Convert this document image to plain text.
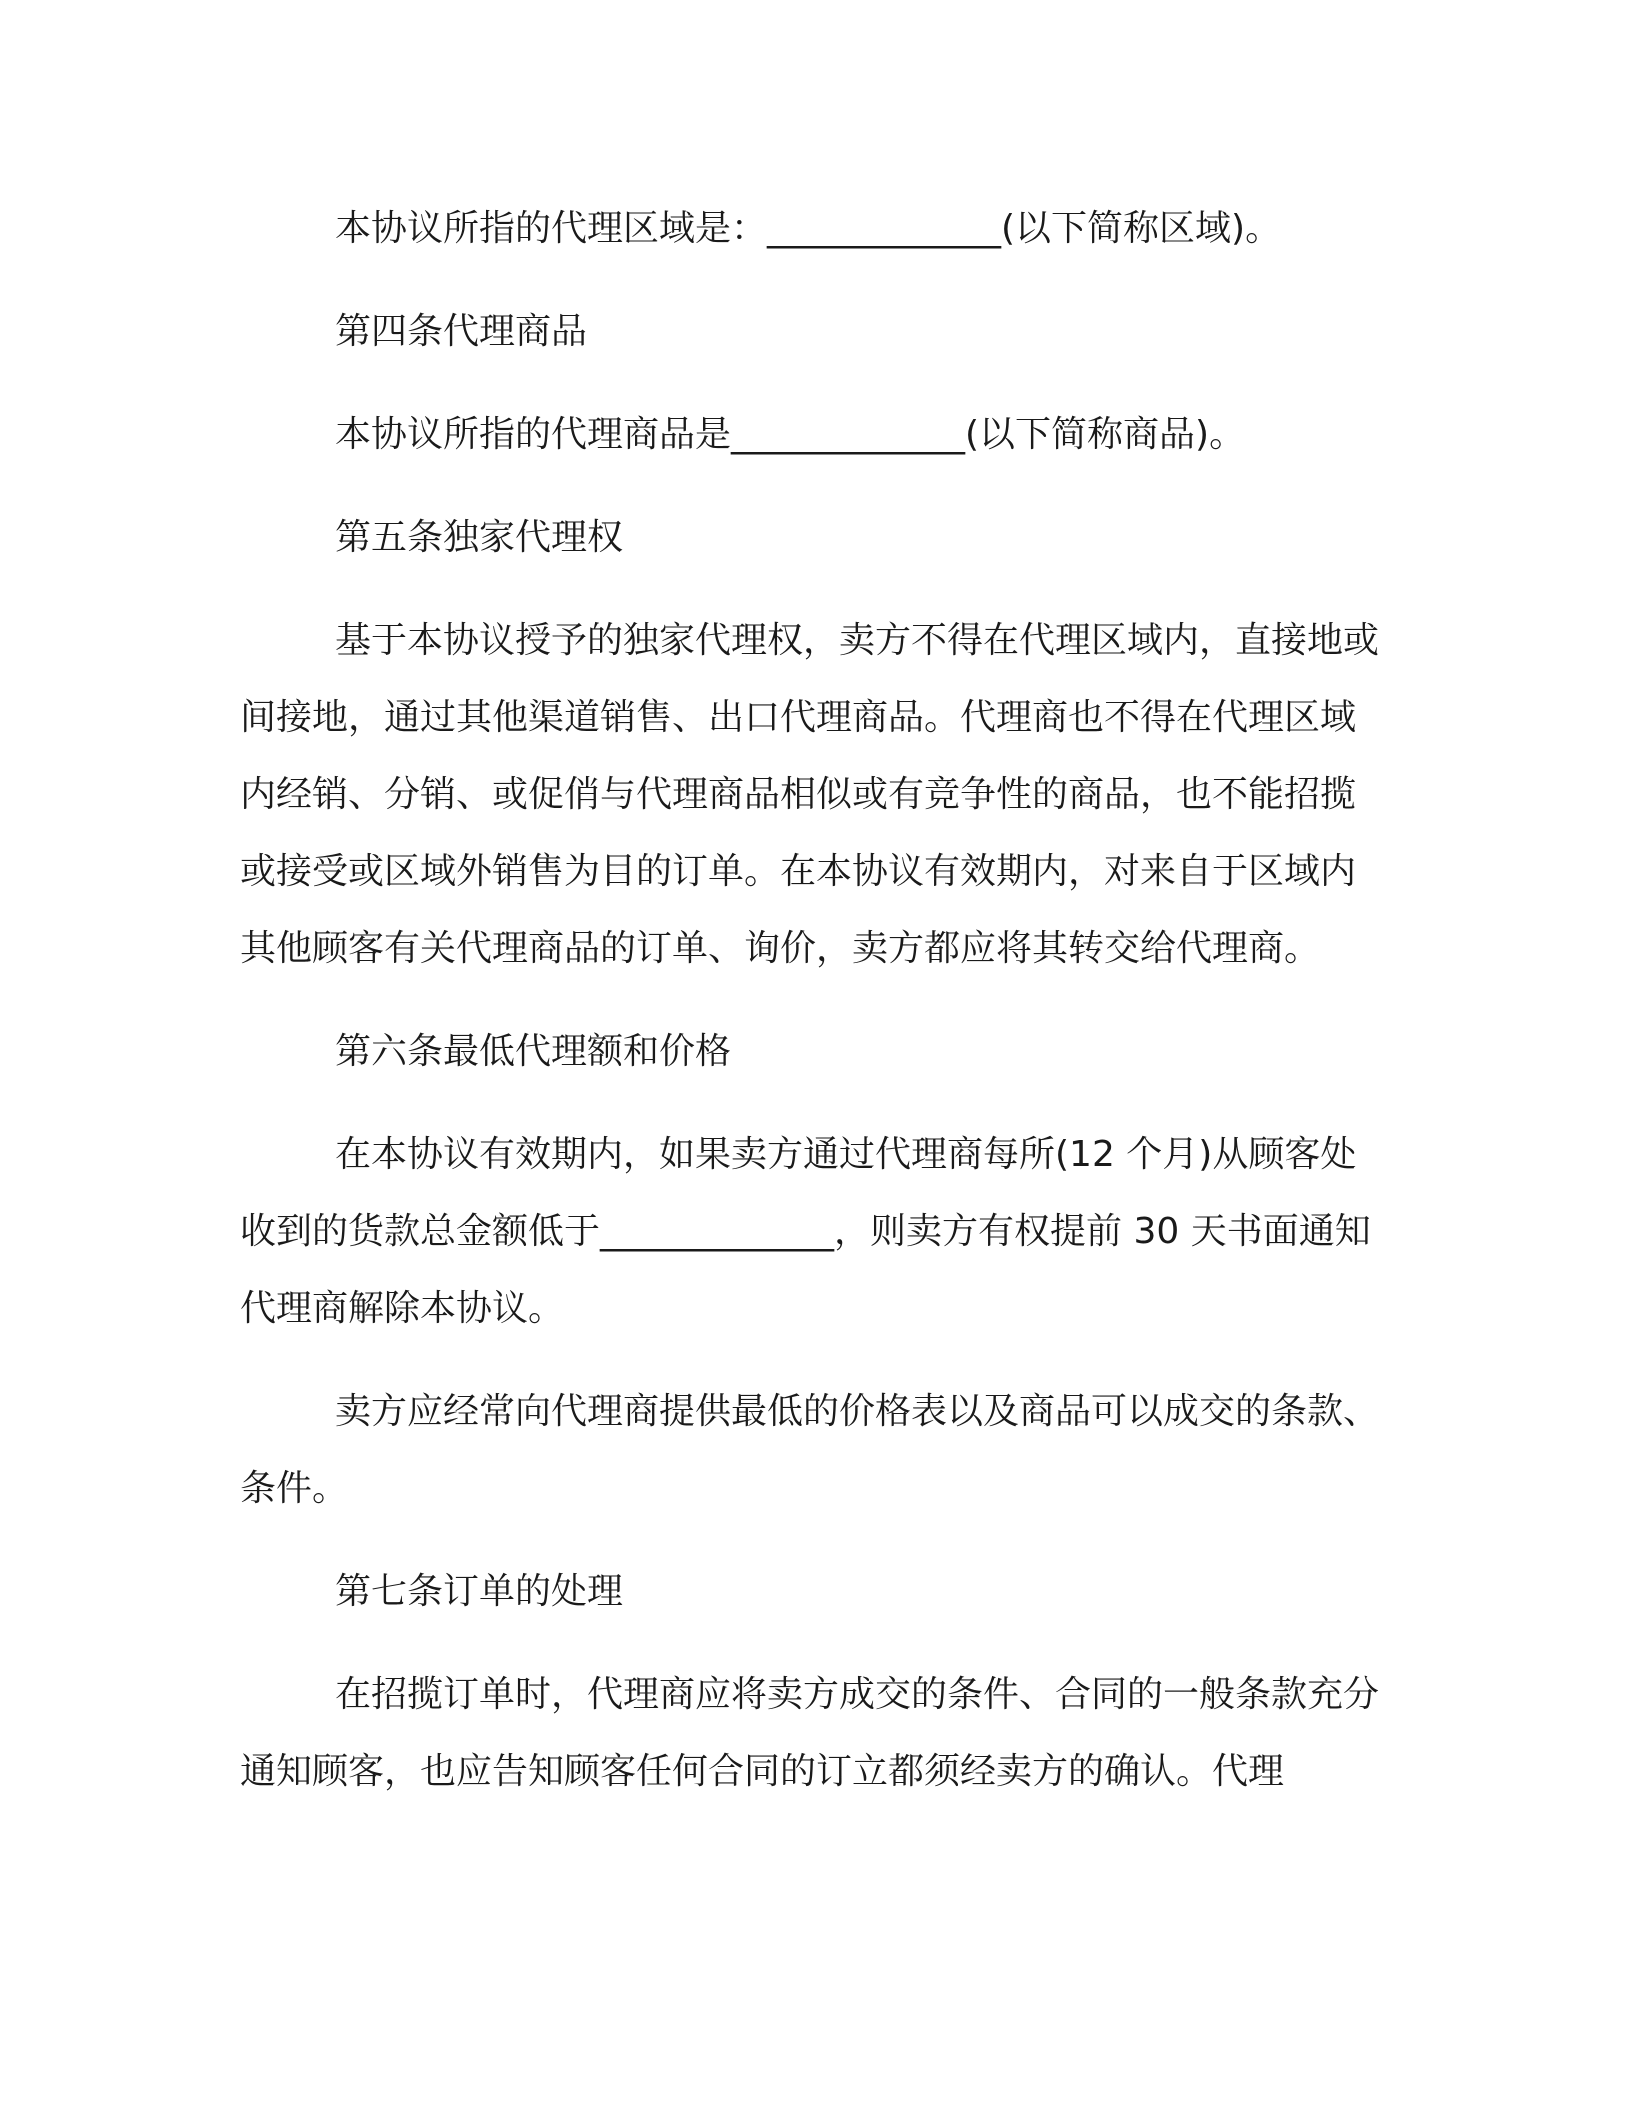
本协议所指的代理区域是：_____________(以下简称区域)。

第四条代理商品

本协议所指的代理商品是_____________(以下简称商品)。

第五条独家代理权

基于本协议授予的独家代理权，卖方不得在代理区域内，直接地或间接地，通过其他渠道销售、出口代理商品。代理商也不得在代理区域内经销、分销、或促俏与代理商品相似或有竞争性的商品，也不能招揽或接受或区域外销售为目的订单。在本协议有效期内，对来自于区域内其他顾客有关代理商品的订单、询价，卖方都应将其转交给代理商。

第六条最低代理额和价格

在本协议有效期内，如果卖方通过代理商每所(12 个月)从顾客处收到的货款总金额低于_____________，则卖方有权提前 30 天书面通知代理商解除本协议。

卖方应经常向代理商提供最低的价格表以及商品可以成交的条款、条件。

第七条订单的处理

在招揽订单时，代理商应将卖方成交的条件、合同的一般条款充分通知顾客，也应告知顾客任何合同的订立都须经卖方的确认。代理
